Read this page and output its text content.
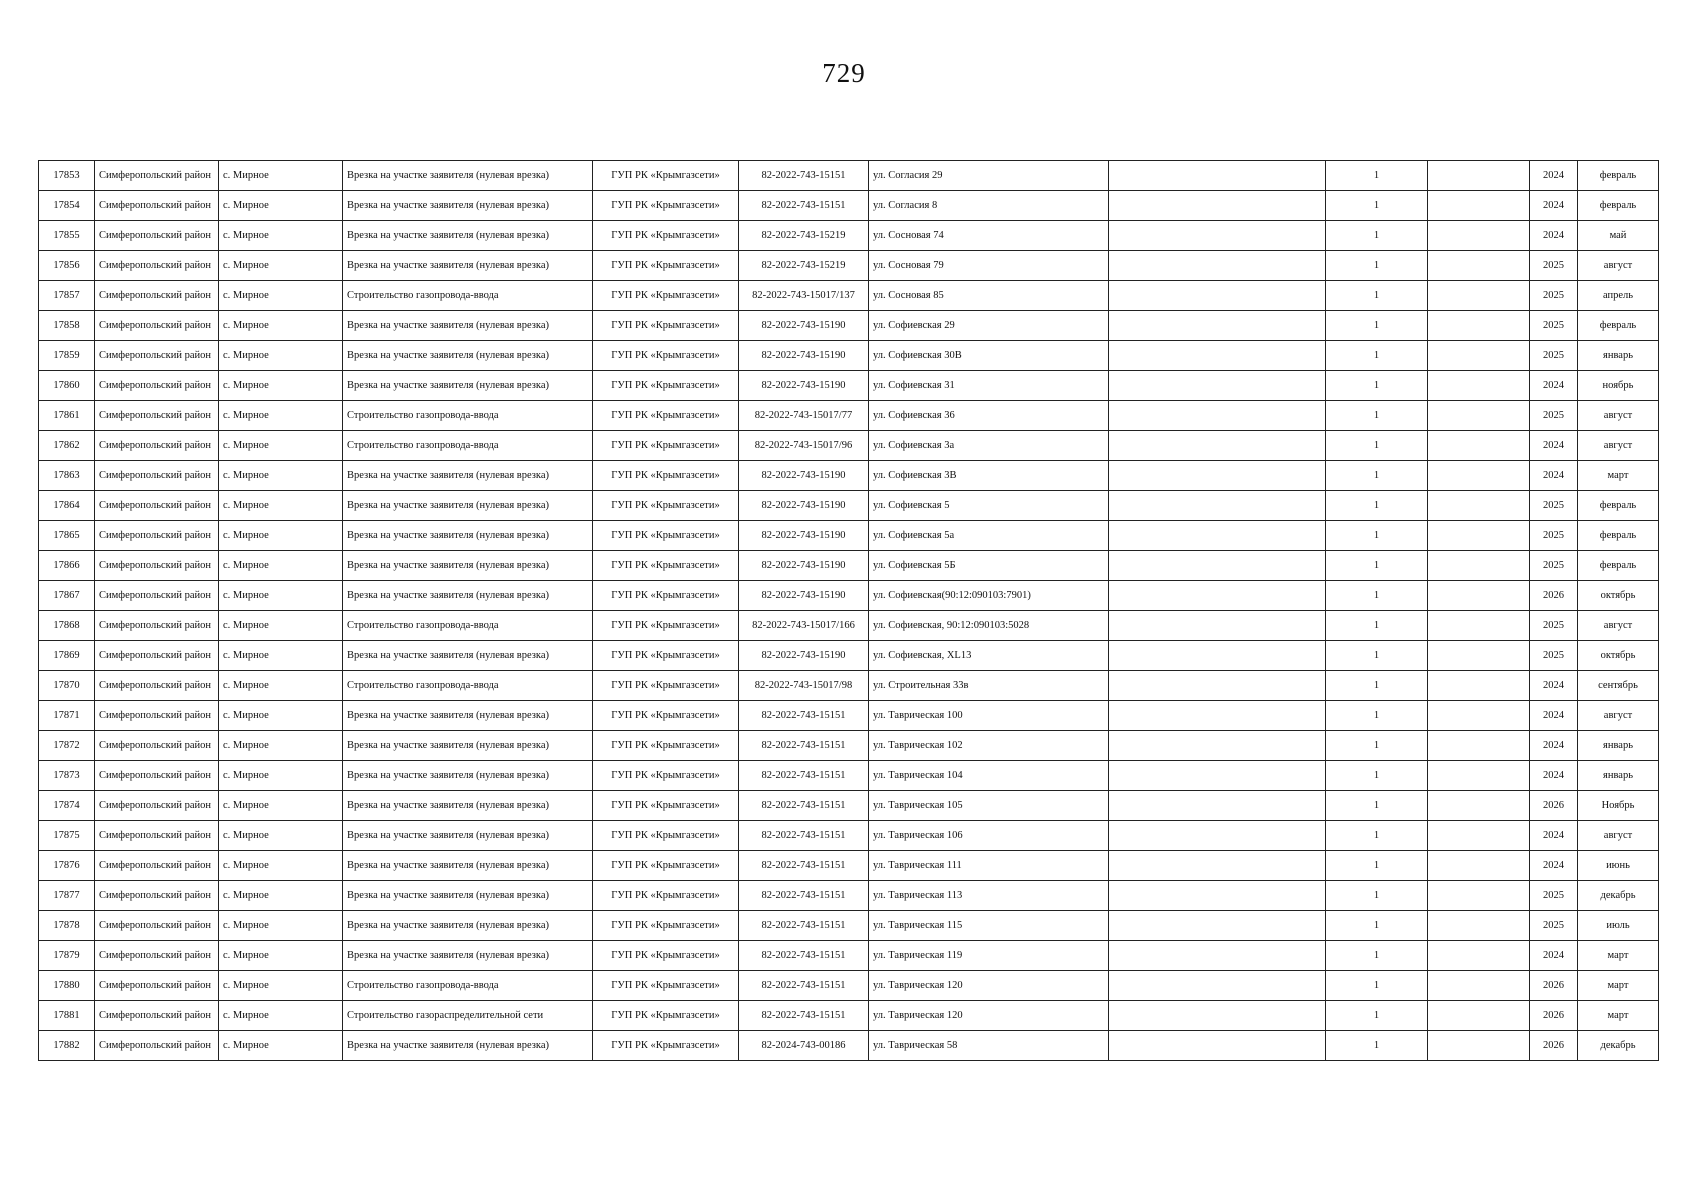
729
17853	Симферопольский район	с. Мирное	Врезка на участке заявителя (нулевая врезка)	ГУП РК «Крымгазсети»	82-2022-743-15151	ул. Согласия 29		1		2024	февраль
17854	Симферопольский район	с. Мирное	Врезка на участке заявителя (нулевая врезка)	ГУП РК «Крымгазсети»	82-2022-743-15151	ул. Согласия 8		1		2024	февраль
17855	Симферопольский район	с. Мирное	Врезка на участке заявителя (нулевая врезка)	ГУП РК «Крымгазсети»	82-2022-743-15219	ул. Сосновая 74		1		2024	май
17856	Симферопольский район	с. Мирное	Врезка на участке заявителя (нулевая врезка)	ГУП РК «Крымгазсети»	82-2022-743-15219	ул. Сосновая 79		1		2025	август
17857	Симферопольский район	с. Мирное	Строительство газопровода-ввода	ГУП РК «Крымгазсети»	82-2022-743-15017/137	ул. Сосновая 85		1		2025	апрель
17858	Симферопольский район	с. Мирное	Врезка на участке заявителя (нулевая врезка)	ГУП РК «Крымгазсети»	82-2022-743-15190	ул. Софиевская 29		1		2025	февраль
17859	Симферопольский район	с. Мирное	Врезка на участке заявителя (нулевая врезка)	ГУП РК «Крымгазсети»	82-2022-743-15190	ул. Софиевская 30В		1		2025	январь
17860	Симферопольский район	с. Мирное	Врезка на участке заявителя (нулевая врезка)	ГУП РК «Крымгазсети»	82-2022-743-15190	ул. Софиевская 31		1		2024	ноябрь
17861	Симферопольский район	с. Мирное	Строительство газопровода-ввода	ГУП РК «Крымгазсети»	82-2022-743-15017/77	ул. Софиевская 36		1		2025	август
17862	Симферопольский район	с. Мирное	Строительство газопровода-ввода	ГУП РК «Крымгазсети»	82-2022-743-15017/96	ул. Софиевская 3а		1		2024	август
17863	Симферопольский район	с. Мирное	Врезка на участке заявителя (нулевая врезка)	ГУП РК «Крымгазсети»	82-2022-743-15190	ул. Софиевская 3В		1		2024	март
17864	Симферопольский район	с. Мирное	Врезка на участке заявителя (нулевая врезка)	ГУП РК «Крымгазсети»	82-2022-743-15190	ул. Софиевская 5		1		2025	февраль
17865	Симферопольский район	с. Мирное	Врезка на участке заявителя (нулевая врезка)	ГУП РК «Крымгазсети»	82-2022-743-15190	ул. Софиевская 5а		1		2025	февраль
17866	Симферопольский район	с. Мирное	Врезка на участке заявителя (нулевая врезка)	ГУП РК «Крымгазсети»	82-2022-743-15190	ул. Софиевская 5Б		1		2025	февраль
17867	Симферопольский район	с. Мирное	Врезка на участке заявителя (нулевая врезка)	ГУП РК «Крымгазсети»	82-2022-743-15190	ул. Софиевская(90:12:090103:7901)		1		2026	октябрь
17868	Симферопольский район	с. Мирное	Строительство газопровода-ввода	ГУП РК «Крымгазсети»	82-2022-743-15017/166	ул. Софиевская, 90:12:090103:5028		1		2025	август
17869	Симферопольский район	с. Мирное	Врезка на участке заявителя (нулевая врезка)	ГУП РК «Крымгазсети»	82-2022-743-15190	ул. Софиевская, XL13		1		2025	октябрь
17870	Симферопольский район	с. Мирное	Строительство газопровода-ввода	ГУП РК «Крымгазсети»	82-2022-743-15017/98	ул. Строительная 33в		1		2024	сентябрь
17871	Симферопольский район	с. Мирное	Врезка на участке заявителя (нулевая врезка)	ГУП РК «Крымгазсети»	82-2022-743-15151	ул. Таврическая 100		1		2024	август
17872	Симферопольский район	с. Мирное	Врезка на участке заявителя (нулевая врезка)	ГУП РК «Крымгазсети»	82-2022-743-15151	ул. Таврическая 102		1		2024	январь
17873	Симферопольский район	с. Мирное	Врезка на участке заявителя (нулевая врезка)	ГУП РК «Крымгазсети»	82-2022-743-15151	ул. Таврическая 104		1		2024	январь
17874	Симферопольский район	с. Мирное	Врезка на участке заявителя (нулевая врезка)	ГУП РК «Крымгазсети»	82-2022-743-15151	ул. Таврическая 105		1		2026	Ноябрь
17875	Симферопольский район	с. Мирное	Врезка на участке заявителя (нулевая врезка)	ГУП РК «Крымгазсети»	82-2022-743-15151	ул. Таврическая 106		1		2024	август
17876	Симферопольский район	с. Мирное	Врезка на участке заявителя (нулевая врезка)	ГУП РК «Крымгазсети»	82-2022-743-15151	ул. Таврическая 111		1		2024	июнь
17877	Симферопольский район	с. Мирное	Врезка на участке заявителя (нулевая врезка)	ГУП РК «Крымгазсети»	82-2022-743-15151	ул. Таврическая 113		1		2025	декабрь
17878	Симферопольский район	с. Мирное	Врезка на участке заявителя (нулевая врезка)	ГУП РК «Крымгазсети»	82-2022-743-15151	ул. Таврическая 115		1		2025	июль
17879	Симферопольский район	с. Мирное	Врезка на участке заявителя (нулевая врезка)	ГУП РК «Крымгазсети»	82-2022-743-15151	ул. Таврическая 119		1		2024	март
17880	Симферопольский район	с. Мирное	Строительство газопровода-ввода	ГУП РК «Крымгазсети»	82-2022-743-15151	ул. Таврическая 120		1		2026	март
17881	Симферопольский район	с. Мирное	Строительство газораспределительной сети	ГУП РК «Крымгазсети»	82-2022-743-15151	ул. Таврическая 120		1		2026	март
17882	Симферопольский район	с. Мирное	Врезка на участке заявителя (нулевая врезка)	ГУП РК «Крымгазсети»	82-2024-743-00186	ул. Таврическая 58		1		2026	декабрь
